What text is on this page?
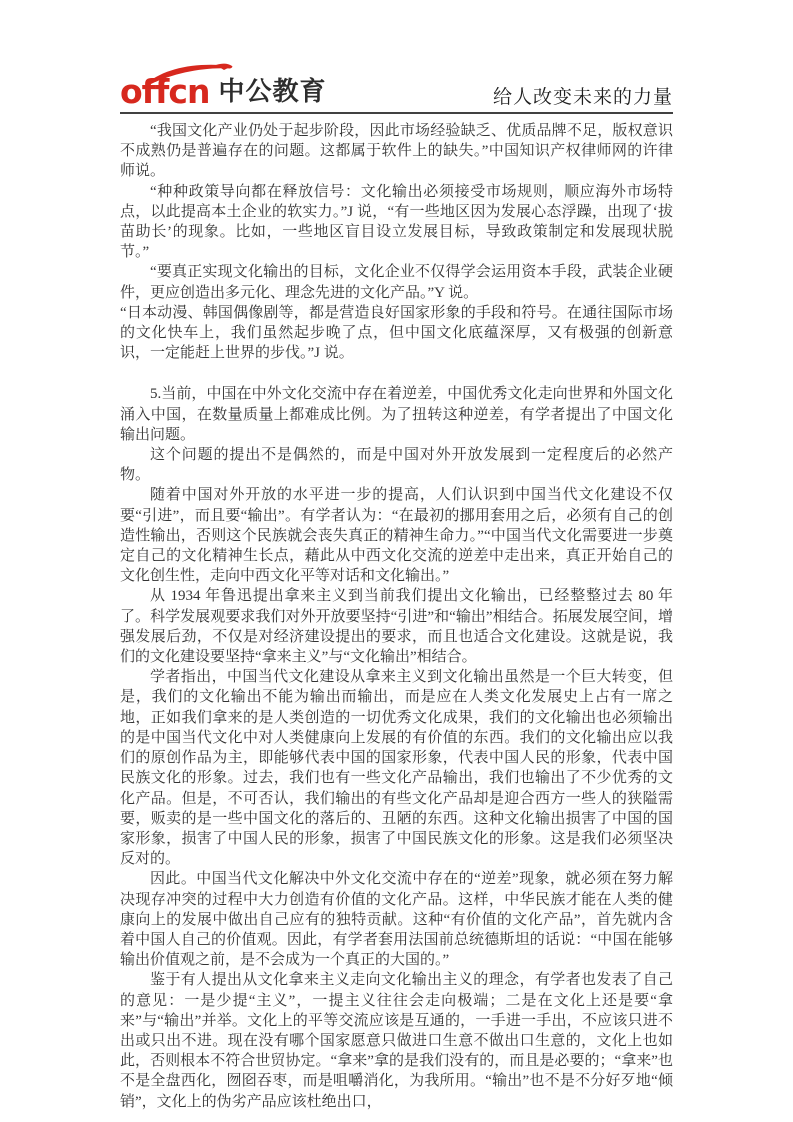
offcn 中公教育	给人改变未来的力量

“我国文化产业仍处于起步阶段，因此市场经验缺乏、优质品牌不足，版权意识不成熟仍是普遍存在的问题。这都属于软件上的缺失。”中国知识产权律师网的许律师说。

“种种政策导向都在释放信号：文化输出必须接受市场规则，顺应海外市场特点，以此提高本土企业的软实力。”J 说，“有一些地区因为发展心态浮躁，出现了‘拔苗助长’的现象。比如，一些地区盲目设立发展目标，导致政策制定和发展现状脱节。”

“要真正实现文化输出的目标，文化企业不仅得学会运用资本手段，武装企业硬件，更应创造出多元化、理念先进的文化产品。”Y 说。

“日本动漫、韩国偶像剧等，都是营造良好国家形象的手段和符号。在通往国际市场的文化快车上，我们虽然起步晚了点，但中国文化底蕴深厚，又有极强的创新意识，一定能赶上世界的步伐。”J 说。

5.当前，中国在中外文化交流中存在着逆差，中国优秀文化走向世界和外国文化涌入中国，在数量质量上都难成比例。为了扭转这种逆差，有学者提出了中国文化输出问题。

这个问题的提出不是偶然的，而是中国对外开放发展到一定程度后的必然产物。

随着中国对外开放的水平进一步的提高，人们认识到中国当代文化建设不仅要“引进”，而且要“输出”。有学者认为：“在最初的挪用套用之后，必须有自己的创造性输出，否则这个民族就会丧失真正的精神生命力。”“中国当代文化需要进一步奠定自己的文化精神生长点，藉此从中西文化交流的逆差中走出来，真正开始自己的文化创生性，走向中西文化平等对话和文化输出。”

从 1934 年鲁迅提出拿来主义到当前我们提出文化输出，已经整整过去 80 年了。科学发展观要求我们对外开放要坚持“引进”和“输出”相结合。拓展发展空间，增强发展后劲，不仅是对经济建设提出的要求，而且也适合文化建设。这就是说，我们的文化建设要坚持“拿来主义”与“文化输出”相结合。

学者指出，中国当代文化建设从拿来主义到文化输出虽然是一个巨大转变，但是，我们的文化输出不能为输出而输出，而是应在人类文化发展史上占有一席之地，正如我们拿来的是人类创造的一切优秀文化成果，我们的文化输出也必须输出的是中国当代文化中对人类健康向上发展的有价值的东西。我们的文化输出应以我们的原创作品为主，即能够代表中国的国家形象，代表中国人民的形象，代表中国民族文化的形象。过去，我们也有一些文化产品输出，我们也输出了不少优秀的文化产品。但是，不可否认，我们输出的有些文化产品却是迎合西方一些人的狭隘需要，贩卖的是一些中国文化的落后的、丑陋的东西。这种文化输出损害了中国的国家形象，损害了中国人民的形象，损害了中国民族文化的形象。这是我们必须坚决反对的。

因此。中国当代文化解决中外文化交流中存在的“逆差”现象，就必须在努力解决现存冲突的过程中大力创造有价值的文化产品。这样，中华民族才能在人类的健康向上的发展中做出自己应有的独特贡献。这种“有价值的文化产品”，首先就内含着中国人自己的价值观。因此，有学者套用法国前总统德斯坦的话说：“中国在能够输出价值观之前，是不会成为一个真正的大国的。”

鉴于有人提出从文化拿来主义走向文化输出主义的理念，有学者也发表了自己的意见：一是少提“主义”，一提主义往往会走向极端；二是在文化上还是要“拿来”与“输出”并举。文化上的平等交流应该是互通的，一手进一手出，不应该只进不出或只出不进。现在没有哪个国家愿意只做进口生意不做出口生意的，文化上也如此，否则根本不符合世贸协定。“拿来”拿的是我们没有的，而且是必要的；“拿来”也不是全盘西化，囫囵吞枣，而是咀嚼消化，为我所用。“输出”也不是不分好歹地“倾销”，文化上的伪劣产品应该杜绝出口，
